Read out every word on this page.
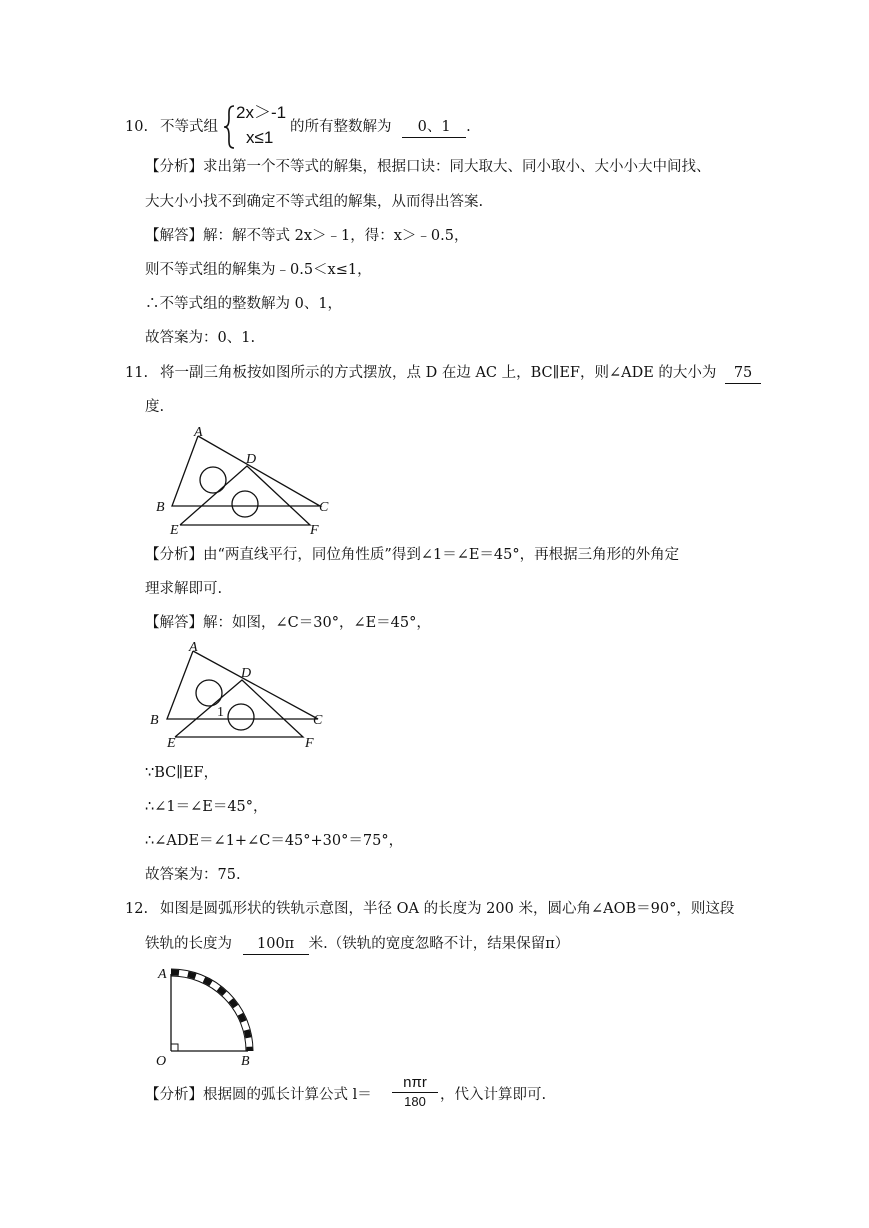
10. 不等式组
2x＞-1
x≤1
的所有整数解为 0、1 .
【分析】求出第一个不等式的解集，根据口诀：同大取大、同小取小、大小小大中间找、
大大小小找不到确定不等式组的解集，从而得出答案.
【解答】解：解不等式 2x＞﹣1，得：x＞﹣0.5，
则不等式组的解集为﹣0.5＜x≤1，
∴不等式组的整数解为 0、1，
故答案为：0、1.
11. 将一副三角板按如图所示的方式摆放，点 D 在边 AC 上，BC∥EF，则∠ADE 的大小为 75
度.
A
D
B	C
E	F
【分析】由“两直线平行，同位角性质”得到∠1＝∠E＝45°，再根据三角形的外角定
理求解即可.
【解答】解：如图，∠C＝30°，∠E＝45°，
A
D
B	C
E	F
1
∵BC∥EF，
∴∠1＝∠E＝45°，
∴∠ADE＝∠1+∠C＝45°+30°＝75°，
故答案为：75.
12. 如图是圆弧形状的铁轨示意图，半径 OA 的长度为 200 米，圆心角∠AOB＝90°，则这段
铁轨的长度为 100π 米.（铁轨的宽度忽略不计，结果保留π）
A
O	B
【分析】根据圆的弧长计算公式 l＝
nπr
180 ，代入计算即可.
